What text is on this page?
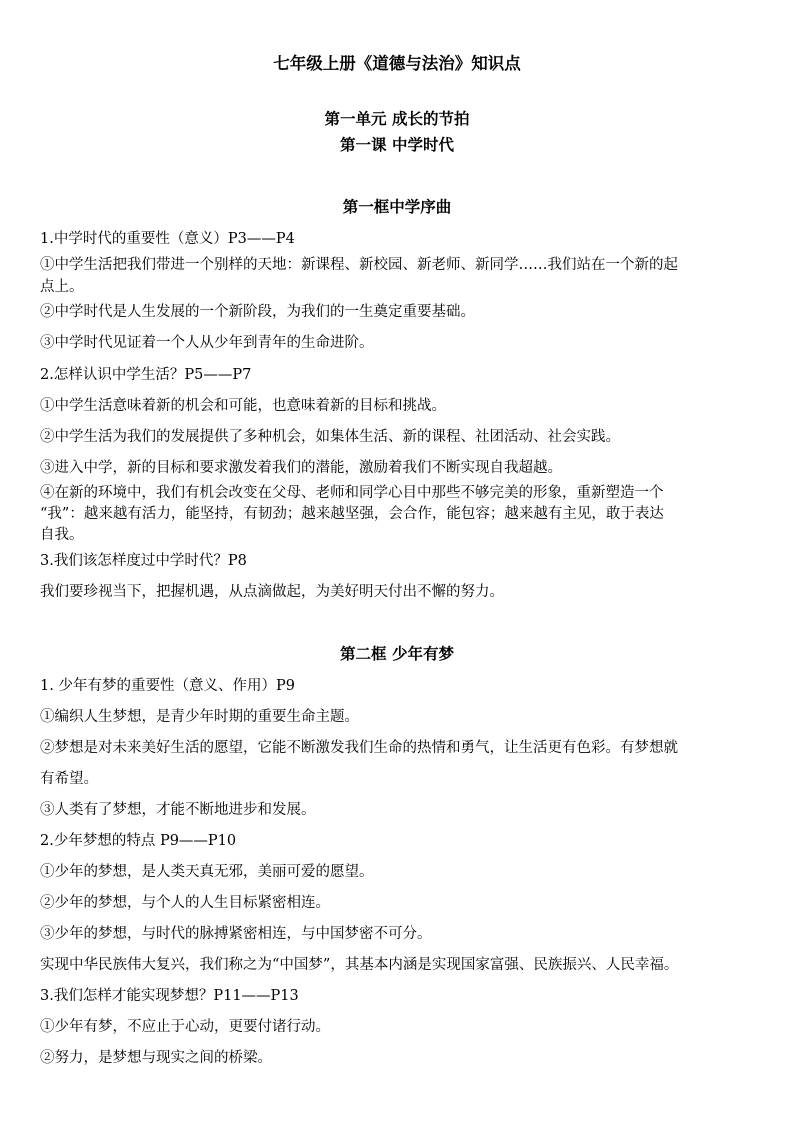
七年级上册《道德与法治》知识点
第一单元 成长的节拍
第一课 中学时代
第一框中学序曲
1.中学时代的重要性（意义）P3——P4
①中学生活把我们带进一个别样的天地：新课程、新校园、新老师、新同学……我们站在一个新的起
点上。
②中学时代是人生发展的一个新阶段，为我们的一生奠定重要基础。
③中学时代见证着一个人从少年到青年的生命进阶。
2.怎样认识中学生活？P5——P7
①中学生活意味着新的机会和可能，也意味着新的目标和挑战。
②中学生活为我们的发展提供了多种机会，如集体生活、新的课程、社团活动、社会实践。
③进入中学，新的目标和要求激发着我们的潜能，激励着我们不断实现自我超越。
④在新的环境中，我们有机会改变在父母、老师和同学心目中那些不够完美的形象，重新塑造一个
“我”：越来越有活力，能坚持，有韧劲；越来越坚强，会合作，能包容；越来越有主见，敢于表达
自我。
3.我们该怎样度过中学时代？P8
我们要珍视当下，把握机遇，从点滴做起，为美好明天付出不懈的努力。
第二框 少年有梦
1. 少年有梦的重要性（意义、作用）P9
①编织人生梦想，是青少年时期的重要生命主题。
②梦想是对未来美好生活的愿望，它能不断激发我们生命的热情和勇气，让生活更有色彩。有梦想就
有希望。
③人类有了梦想，才能不断地进步和发展。
2.少年梦想的特点 P9——P10
①少年的梦想，是人类天真无邪，美丽可爱的愿望。
②少年的梦想，与个人的人生目标紧密相连。
③少年的梦想，与时代的脉搏紧密相连，与中国梦密不可分。
实现中华民族伟大复兴，我们称之为“中国梦”，其基本内涵是实现国家富强、民族振兴、人民幸福。
3.我们怎样才能实现梦想？P11——P13
①少年有梦，不应止于心动，更要付诸行动。
②努力，是梦想与现实之间的桥梁。
